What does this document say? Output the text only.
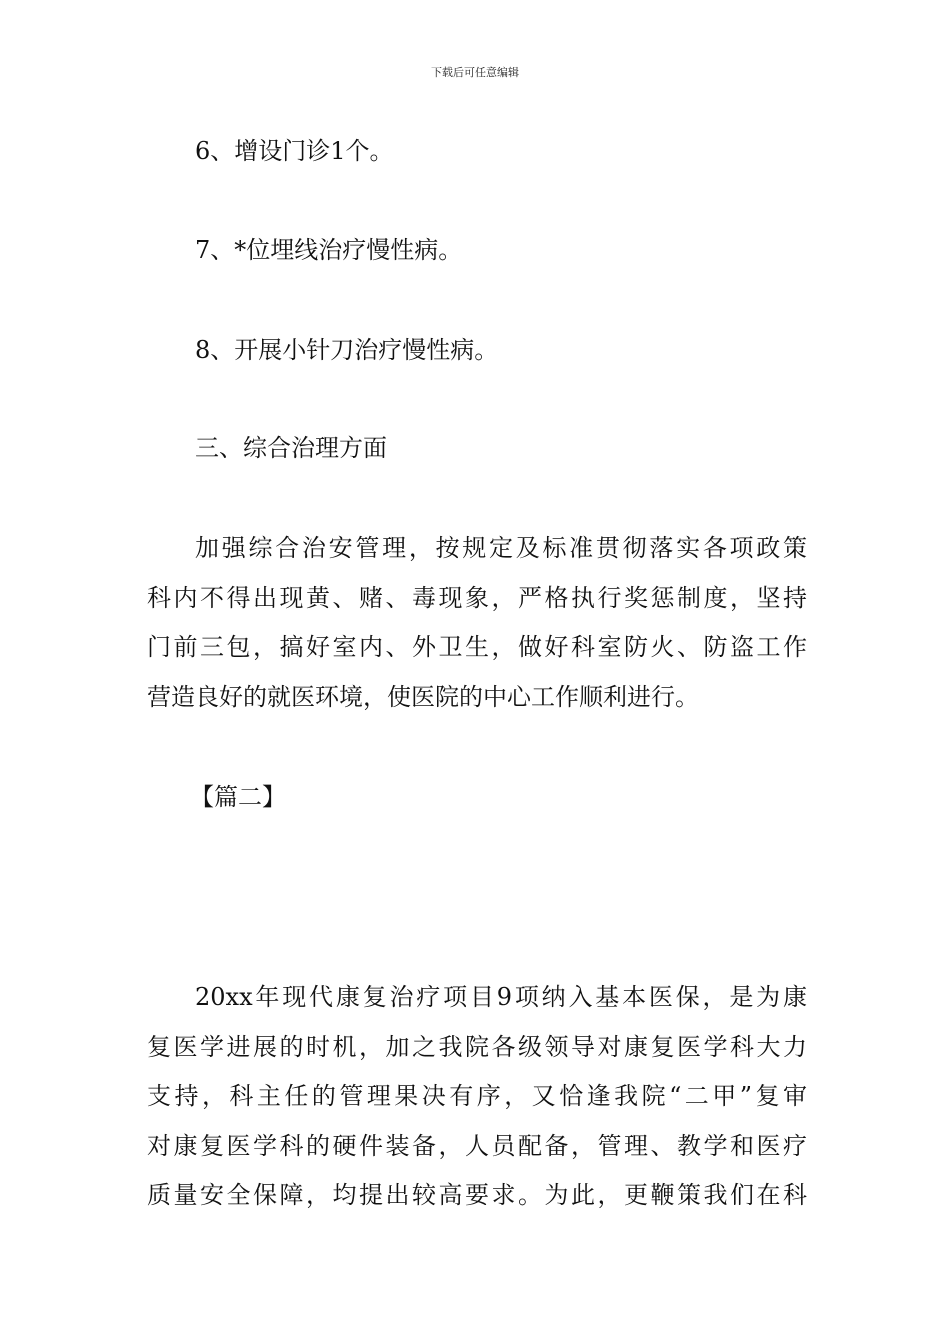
下载后可任意编辑
6、增设门诊1个。
7、*位埋线治疗慢性病。
8、开展小针刀治疗慢性病。
三、综合治理方面
加强综合治安管理，按规定及标准贯彻落实各项政策
科内不得出现黄、赌、毒现象，严格执行奖惩制度，坚持
门前三包，搞好室内、外卫生，做好科室防火、防盗工作
营造良好的就医环境，使医院的中心工作顺利进行。
【篇二】
20xx年现代康复治疗项目9项纳入基本医保，是为康
复医学进展的时机，加之我院各级领导对康复医学科大力
支持，科主任的管理果决有序，又恰逢我院“二甲”复审
对康复医学科的硬件装备，人员配备，管理、教学和医疗
质量安全保障，均提出较高要求。为此，更鞭策我们在科
